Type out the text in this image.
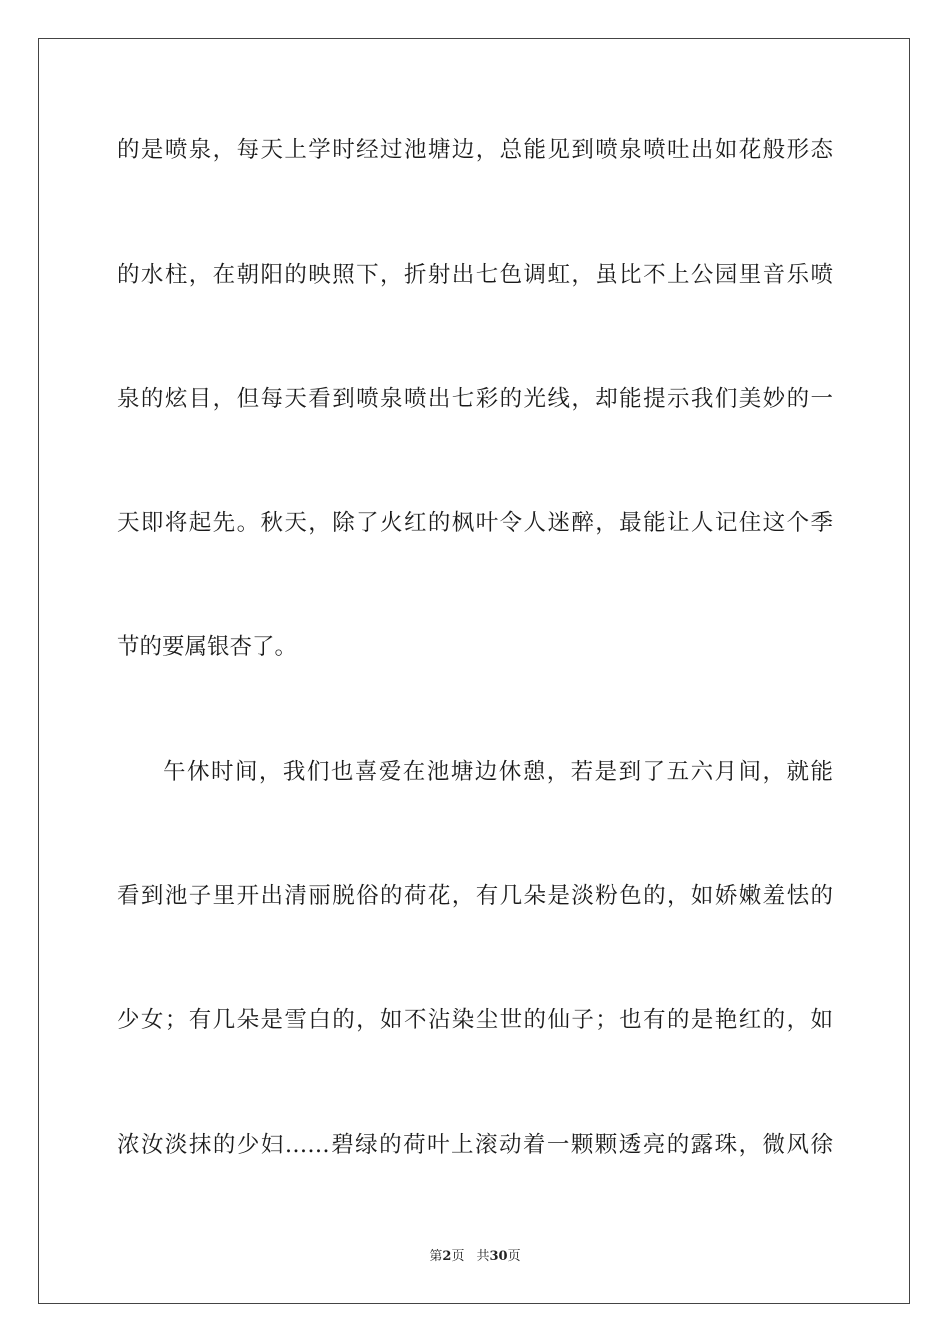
的是喷泉，每天上学时经过池塘边，总能见到喷泉喷吐出如花般形态
的水柱，在朝阳的映照下，折射出七色调虹，虽比不上公园里音乐喷
泉的炫目，但每天看到喷泉喷出七彩的光线，却能提示我们美妙的一
天即将起先。秋天，除了火红的枫叶令人迷醉，最能让人记住这个季
节的要属银杏了。
午休时间，我们也喜爱在池塘边休憩，若是到了五六月间，就能
看到池子里开出清丽脱俗的荷花，有几朵是淡粉色的，如娇嫩羞怯的
少女；有几朵是雪白的，如不沾染尘世的仙子；也有的是艳红的，如
浓汝淡抹的少妇……碧绿的荷叶上滚动着一颗颗透亮的露珠，微风徐
第2页 共30页
